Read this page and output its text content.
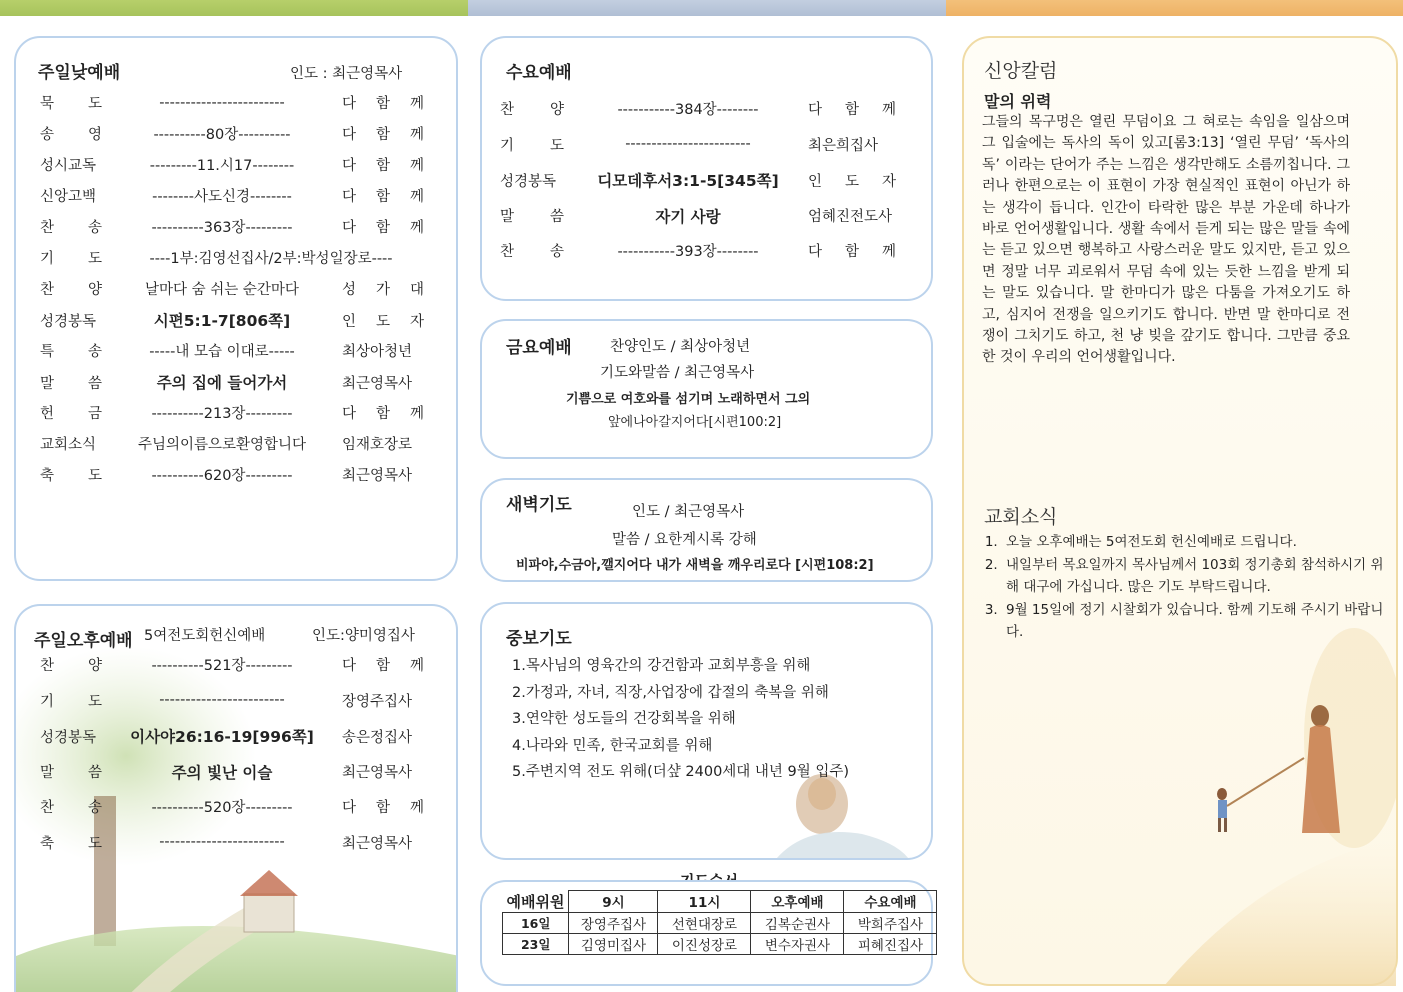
주일낮예배	인도 : 최근영목사
묵 도	------------------------	다 함 께
송 영	----------80장----------	다 함 께
성시교독	---------11.시17--------	다 함 께
신앙고백	--------사도신경--------	다 함 께
찬 송	----------363장---------	다 함 께
기 도	----1부:김영선집사/2부:박성일장로----
찬 양	날마다 숨 쉬는 순간마다	성 가 대
성경봉독	시편5:1-7[806쪽]	인 도 자
특 송	-----내 모습 이대로-----	최상아청년
말 씀	주의 집에 들어가서	최근영목사
헌 금	----------213장---------	다 함 께
교회소식	주님의이름으로환영합니다	임재호장로
축 도	----------620장---------	최근영목사
주일오후예배 5여전도회헌신예배	인도:양미영집사
찬 양	----------521장---------	다 함 께
기 도	------------------------	장영주집사
성경봉독	이사야26:16-19[996쪽]	송은정집사
말 씀	주의 빛난 이슬	최근영목사
찬 송	----------520장---------	다 함 께
축 도	------------------------	최근영목사
수요예배
찬 양	-----------384장--------	다 함 께
기 도	------------------------	최은희집사
성경봉독	디모데후서3:1-5[345쪽]	인 도 자
말 씀	자기 사랑	엄혜진전도사
찬 송	-----------393장--------	다 함 께
금요예배	찬양인도 / 최상아청년
기도와말씀 / 최근영목사
기쁨으로 여호와를 섬기며 노래하면서 그의
앞에나아갈지어다[시편100:2]
새벽기도	인도 / 최근영목사
말씀 / 요한계시록 강해
비파야,수금아,깰지어다 내가 새벽을 깨우리로다 [시편108:2]
중보기도
1.목사님의 영육간의 강건함과 교회부흥을 위해
2.가정과, 자녀, 직장,사업장에 갑절의 축복을 위해
3.연약한 성도들의 건강회복을 위해
4.나라와 민족, 한국교회를 위해
5.주변지역 전도 위해(더샾 2400세대 내년 9월 입주)
예배위원	9시	11시	오후예배	수요예배
16일	장영주집사	선현대장로	김복순권사	박희주집사
23일	김영미집사	이진성장로	변수자권사	피혜진집사
신앙칼럼
말의 위력
그들의 목구멍은 열린 무덤이요 그 혀로는 속임을 일삼으며 그 입술에는 독사의 독이 있고[롬3:13] ‘열린 무덤’ ‘독사의 독’ 이라는 단어가 주는 느낌은 생각만해도 소름끼칩니다. 그러나 한편으로는 이 표현이 가장 현실적인 표현이 아닌가 하는 생각이 듭니다. 인간이 타락한 많은 부분 가운데 하나가 바로 언어생활입니다. 생활 속에서 듣게 되는 많은 말들 속에는 듣고 있으면 행복하고 사랑스러운 말도 있지만, 듣고 있으면 정말 너무 괴로워서 무덤 속에 있는 듯한 느낌을 받게 되는 말도 있습니다. 말 한마디가 많은 다툼을 가져오기도 하고, 심지어 전쟁을 일으키기도 합니다. 반면 말 한마디로 전쟁이 그치기도 하고, 천 냥 빚을 갚기도 합니다. 그만큼 중요한 것이 우리의 언어생활입니다.
교회소식
1. 오늘 오후예배는 5여전도회 헌신예배로 드립니다.
2. 내일부터 목요일까지 목사님께서 103회 정기총회 참석하시기 위해 대구에 가십니다. 많은 기도 부탁드립니다.
3. 9월 15일에 정기 시찰회가 있습니다. 함께 기도해 주시기 바랍니다.
